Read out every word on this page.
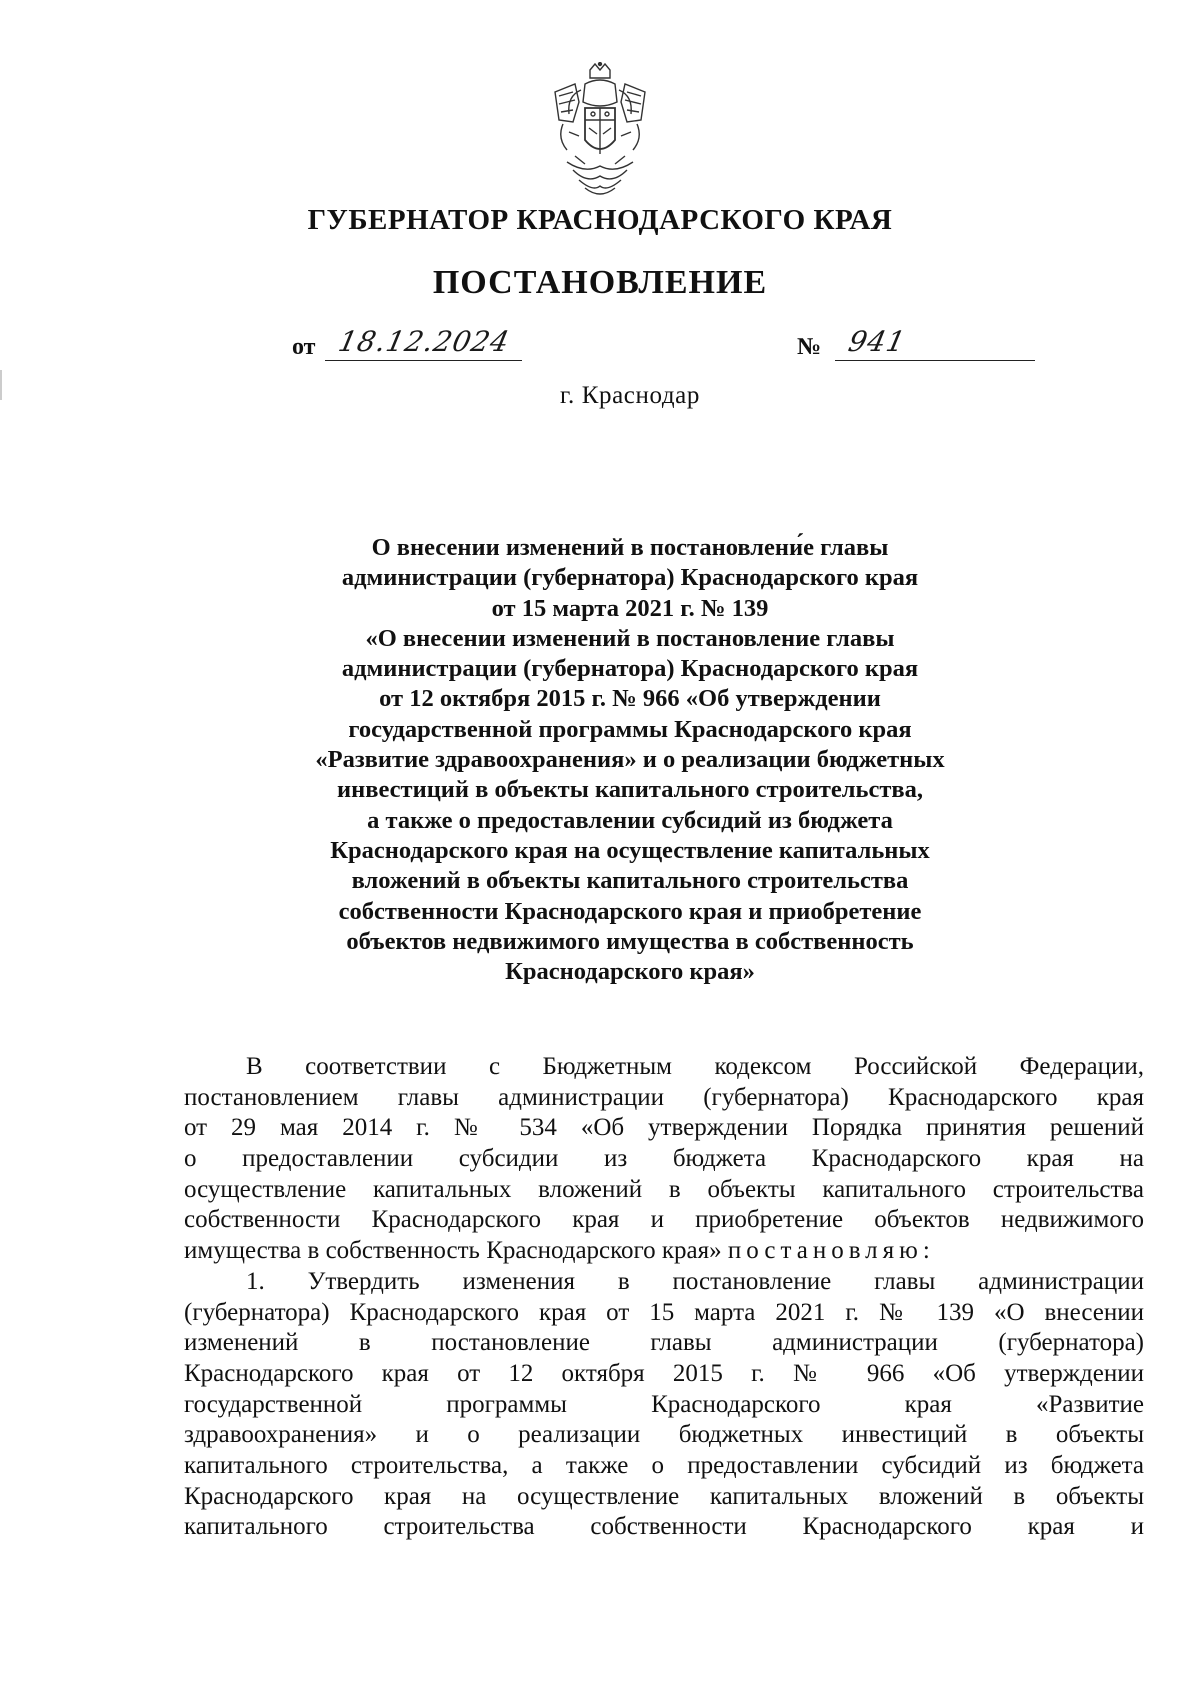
ГУБЕРНАТОР КРАСНОДАРСКОГО КРАЯ
ПОСТАНОВЛЕНИЕ
от 18.12.2024	№ 941
г. Краснодар
О внесении изменений в постановлени́е главы
администрации (губернатора) Краснодарского края
от 15 марта 2021 г. № 139
«О внесении изменений в постановление главы
администрации (губернатора) Краснодарского края
от 12 октября 2015 г. № 966 «Об утверждении
государственной программы Краснодарского края
«Развитие здравоохранения» и о реализации бюджетных
инвестиций в объекты капитального строительства,
а также о предоставлении субсидий из бюджета
Краснодарского края на осуществление капитальных
вложений в объекты капитального строительства
собственности Краснодарского края и приобретение
объектов недвижимого имущества в собственность
Краснодарского края»
В соответствии с Бюджетным кодексом Российской Федерации,
постановлением главы администрации (губернатора) Краснодарского края
от 29 мая 2014 г. № 534 «Об утверждении Порядка принятия решений
о предоставлении субсидии из бюджета Краснодарского края на
осуществление капитальных вложений в объекты капитального строительства
собственности Краснодарского края и приобретение объектов недвижимого
имущества в собственность Краснодарского края» постановляю:
1. Утвердить изменения в постановление главы администрации
(губернатора) Краснодарского края от 15 марта 2021 г. № 139 «О внесении
изменений в постановление главы администрации (губернатора)
Краснодарского края от 12 октября 2015 г. № 966 «Об утверждении
государственной программы Краснодарского края «Развитие
здравоохранения» и о реализации бюджетных инвестиций в объекты
капитального строительства, а также о предоставлении субсидий из бюджета
Краснодарского края на осуществление капитальных вложений в объекты
капитального строительства собственности Краснодарского края и
